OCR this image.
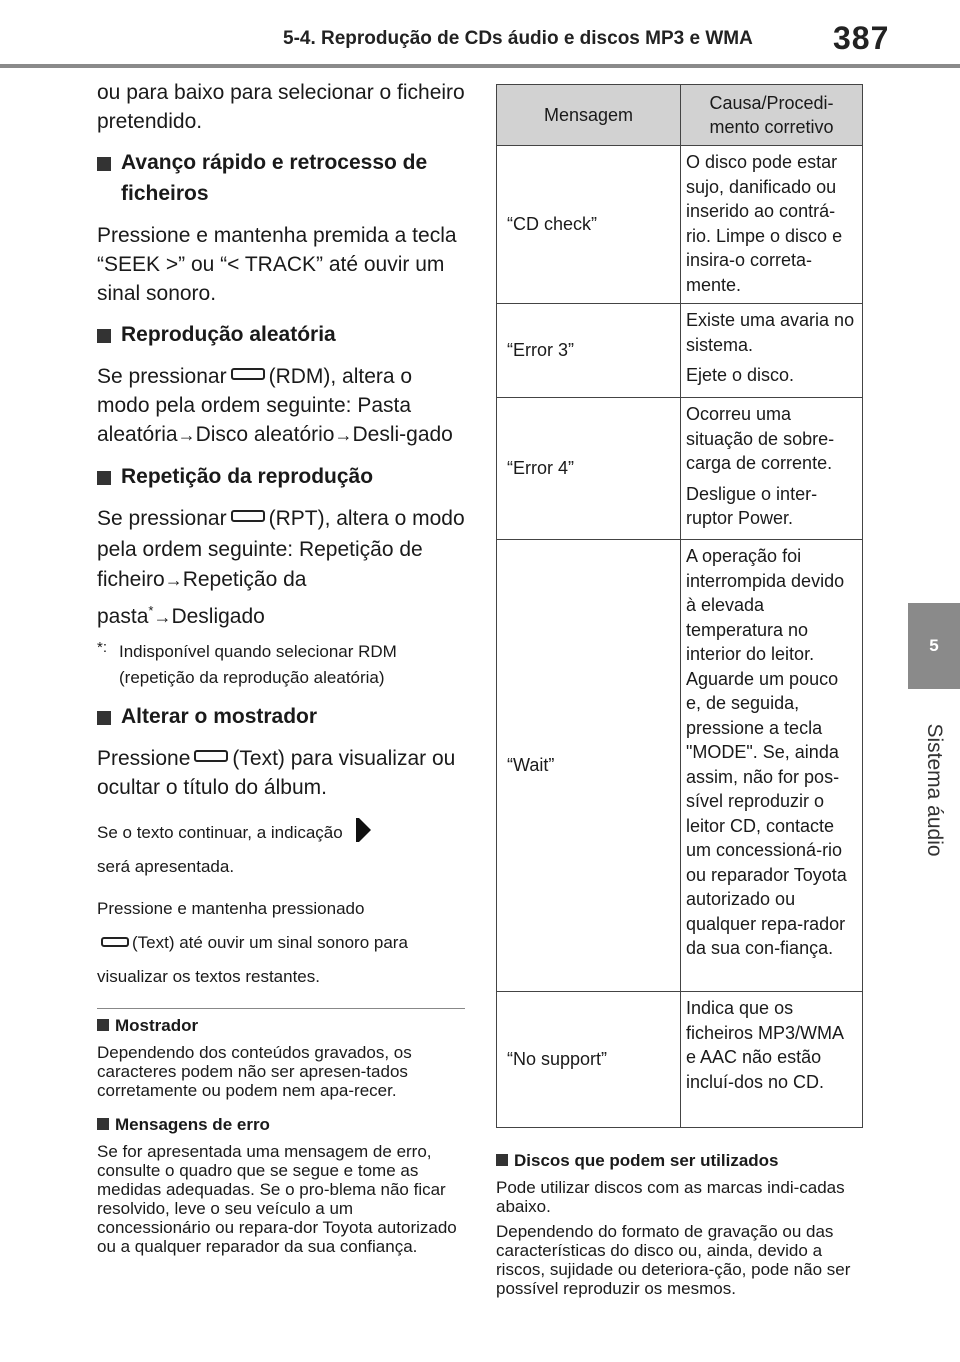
5-4. Reprodução de CDs áudio e discos MP3 e WMA	387
5
Sistema áudio

ou para baixo para selecionar o ficheiro pretendido.

Avanço rápido e retrocesso de ficheiros

Pressione e mantenha premida a tecla “SEEK >” ou “< TRACK” até ouvir um sinal sonoro.

Reprodução aleatória

Se pressionar (RDM), altera o modo pela ordem seguinte: Pasta aleatória→Disco aleatório→Desli-gado

Repetição da reprodução

Se pressionar (RPT), altera o modo pela ordem seguinte: Repetição de ficheiro→Repetição da pasta*→Desligado

*: Indisponível quando selecionar RDM (repetição da reprodução aleatória)

Alterar o mostrador

Pressione (Text) para visualizar ou ocultar o título do álbum.

Se o texto continuar, a indicação
será apresentada.

Pressione e mantenha pressionado
(Text) até ouvir um sinal sonoro para visualizar os textos restantes.

Mostrador

Dependendo dos conteúdos gravados, os caracteres podem não ser apresen-tados corretamente ou podem nem apa-recer.

Mensagens de erro

Se for apresentada uma mensagem de erro, consulte o quadro que se segue e tome as medidas adequadas. Se o pro-blema não ficar resolvido, leve o seu veículo a um concessionário ou repara-dor Toyota autorizado ou a qualquer reparador da sua confiança.

Mensagem	Causa/Procedi-mento corretivo
“CD check”	O disco pode estar sujo, danificado ou inserido ao contrá-rio. Limpe o disco e insira-o correta-mente.

“Error 3”	Existe uma avaria no sistema.

Ejete o disco.

“Error 4”	Ocorreu uma situação de sobre-carga de corrente.

Desligue o inter-ruptor Power.

“Wait”	A operação foi interrompida devido à elevada temperatura no interior do leitor. Aguarde um pouco e, de seguida, pressione a tecla "MODE". Se, ainda assim, não for pos-sível reproduzir o leitor CD, contacte um concessioná-rio ou reparador Toyota autorizado ou qualquer repa-rador da sua con-fiança.

“No support”	Indica que os ficheiros MP3/WMA e AAC não estão incluí-dos no CD.

Discos que podem ser utilizados

Pode utilizar discos com as marcas indi-cadas abaixo.

Dependendo do formato de gravação ou das características do disco ou, ainda, devido a riscos, sujidade ou deteriora-ção, pode não ser possível reproduzir os mesmos.
